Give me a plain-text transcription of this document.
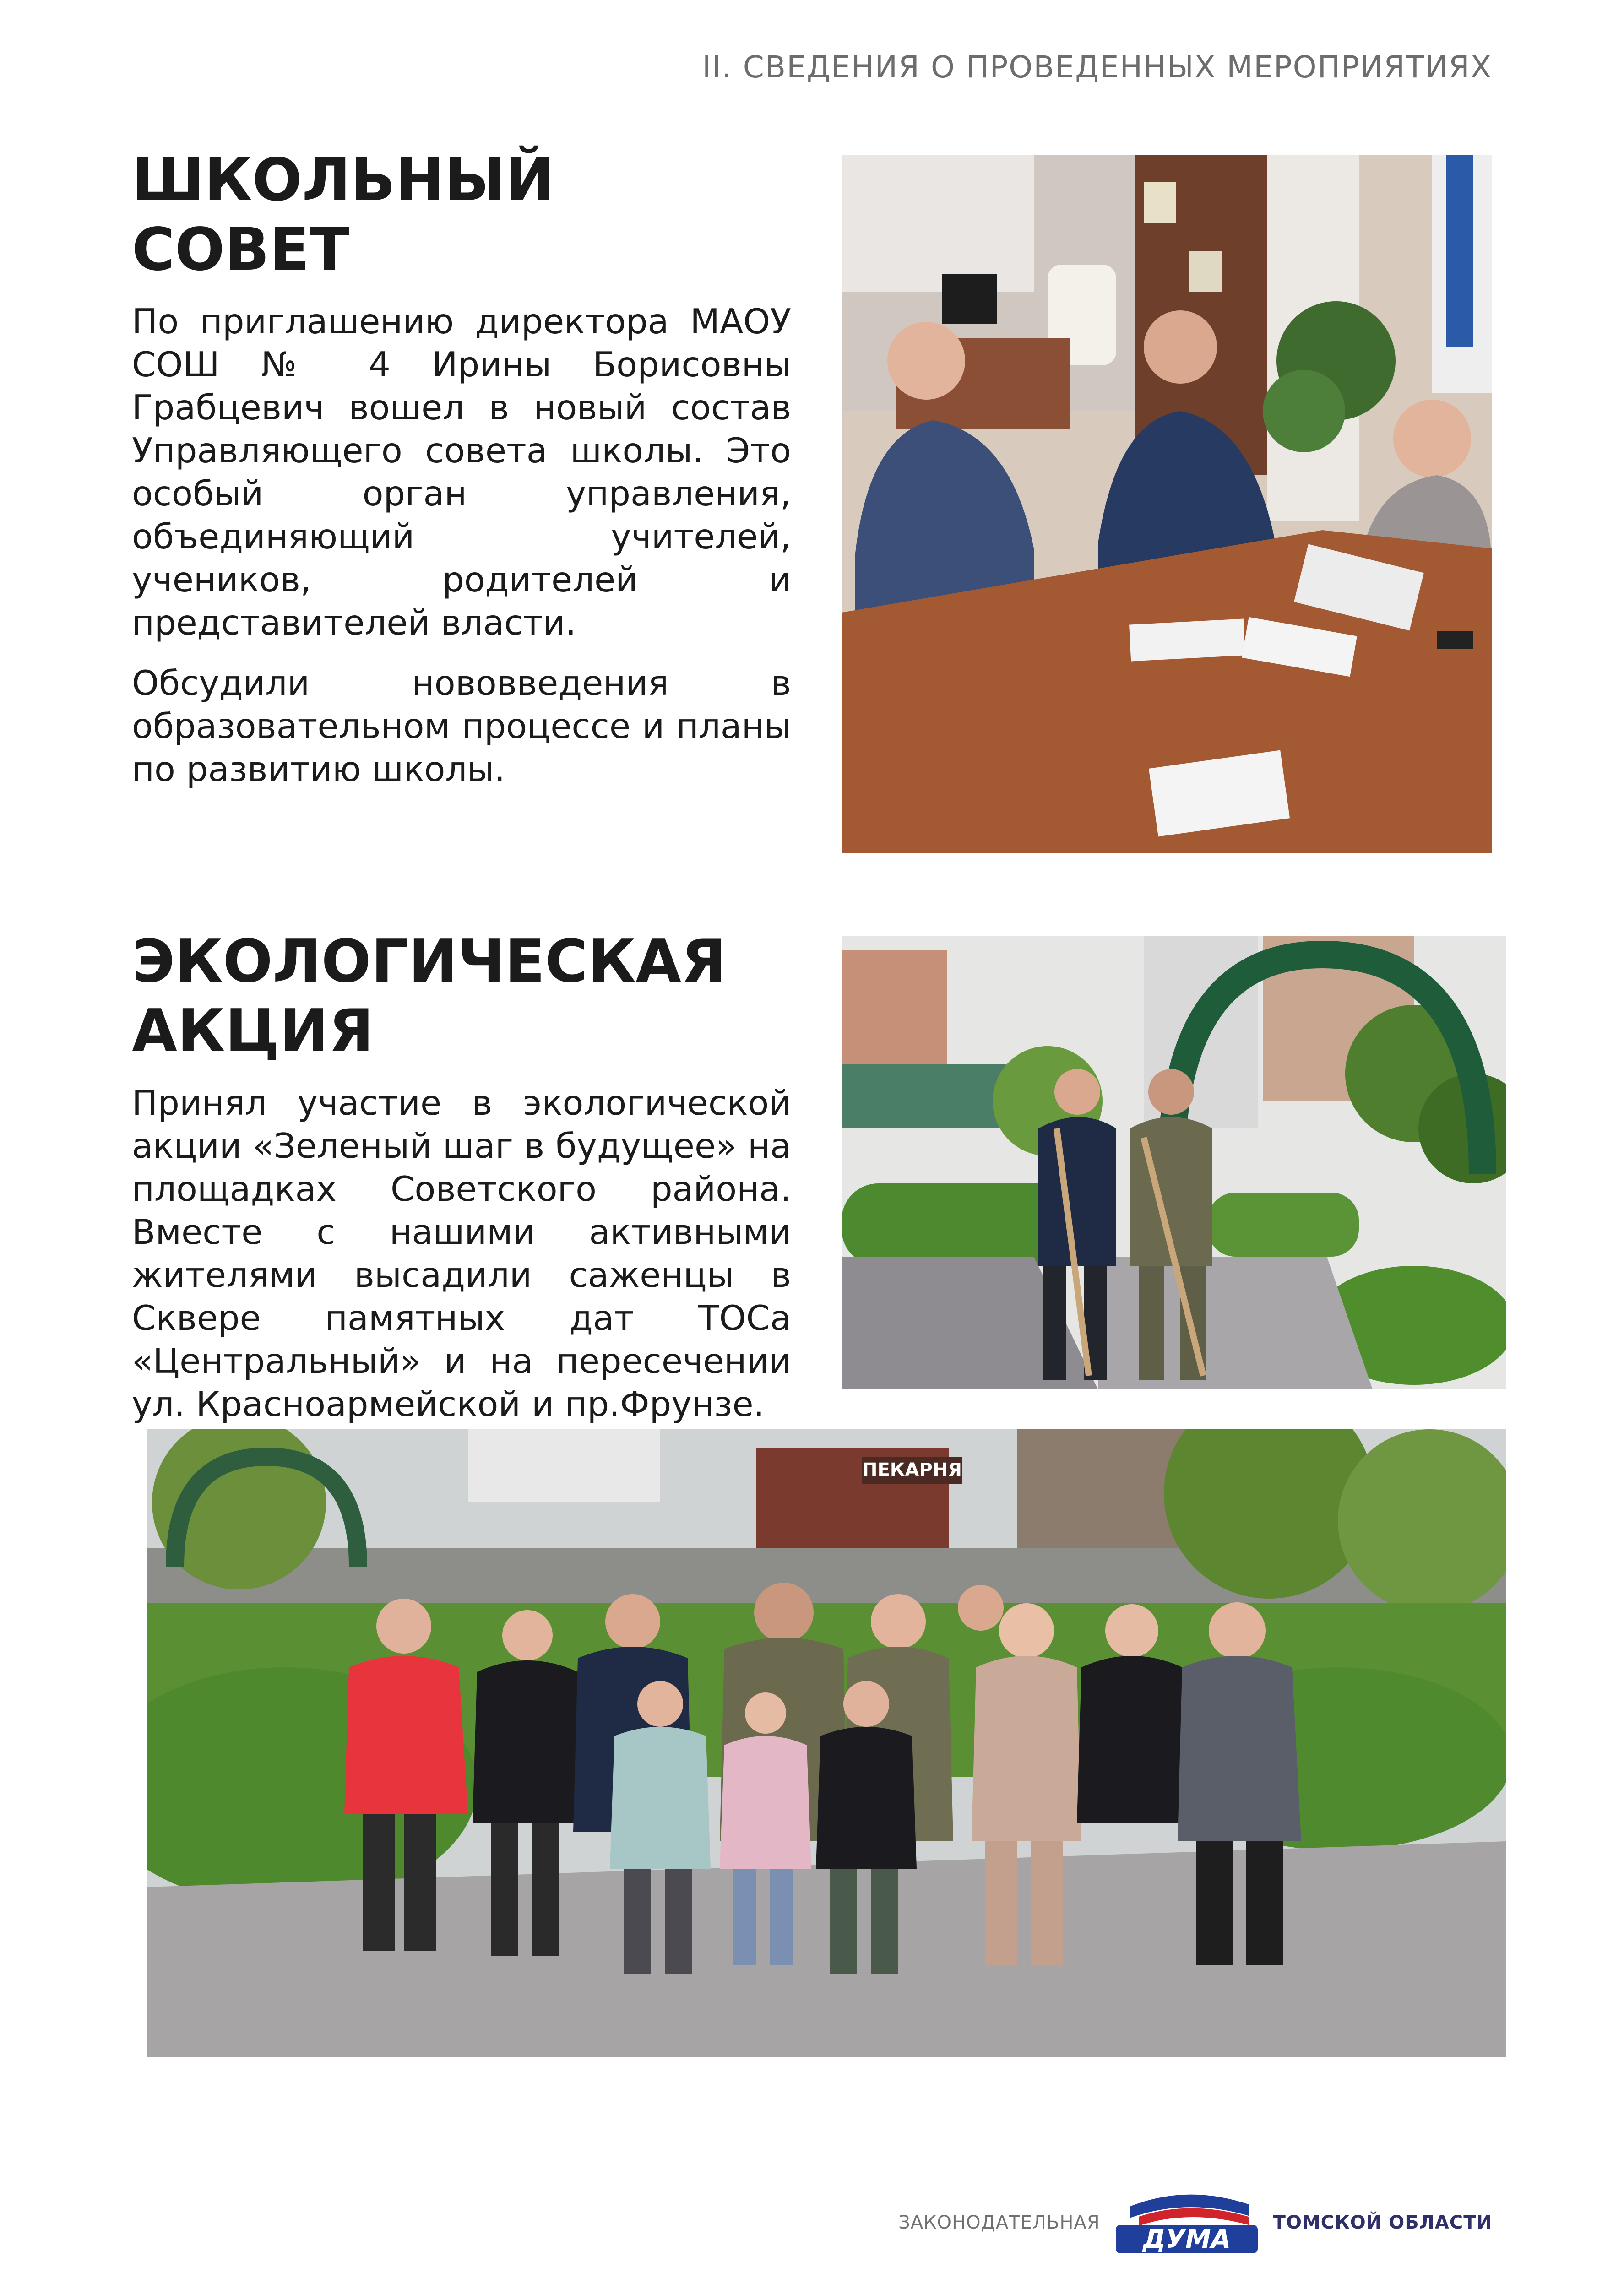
II. СВЕДЕНИЯ О ПРОВЕДЕННЫХ МЕРОПРИЯТИЯХ
ШКОЛЬНЫЙ
СОВЕТ

По приглашению директора МАОУ СОШ № 4 Ирины Борисовны Грабцевич вошел в новый состав Управляющего совета школы. Это особый орган управления, объединяющий учителей, учеников, родителей и представителей власти.

Обсудили нововведения в образовательном процессе и планы по развитию школы.

ЭКОЛОГИЧЕСКАЯ
АКЦИЯ

Принял участие в экологической акции «Зеленый шаг в будущее» на площадках Советского района. Вместе с нашими активными жителями высадили саженцы в Сквере памятных дат ТОСа «Центральный» и на пересечении ул. Красноармейской и пр.Фрунзе.

ПЕКАРНЯ
ЗАКОНОДАТЕЛЬНАЯ
ДУМА
ТОМСКОЙ ОБЛАСТИ
